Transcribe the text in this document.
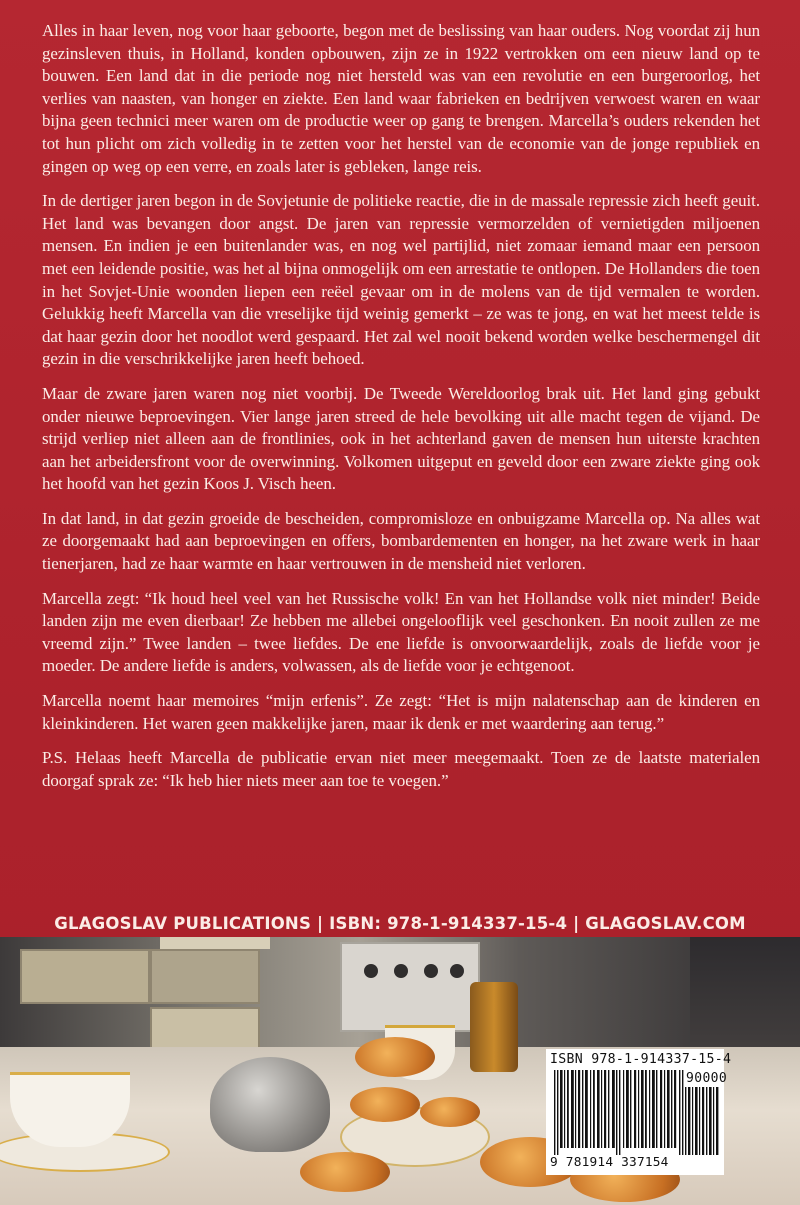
Alles in haar leven, nog voor haar geboorte, begon met de beslissing van haar ouders. Nog voordat zij hun gezinsleven thuis, in Holland, konden opbouwen, zijn ze in 1922 vertrokken om een nieuw land op te bouwen. Een land dat in die periode nog niet hersteld was van een revolutie en een burgeroorlog, het verlies van naasten, van honger en ziekte. Een land waar fabrieken en bedrijven verwoest waren en waar bijna geen technici meer waren om de productie weer op gang te brengen. Marcella’s ouders rekenden het tot hun plicht om zich volledig in te zetten voor het herstel van de economie van de jonge republiek en gingen op weg op een verre, en zoals later is gebleken, lange reis.

In de dertiger jaren begon in de Sovjetunie de politieke reactie, die in de massale repressie zich heeft geuit. Het land was bevangen door angst. De jaren van repressie vermorzelden of vernietigden miljoenen mensen. En indien je een buitenlander was, en nog wel partijlid, niet zomaar iemand maar een persoon met een leidende positie, was het al bijna onmogelijk om een arrestatie te ontlopen. De Hollanders die toen in het Sovjet-Unie woonden liepen een reëel gevaar om in de molens van de tijd vermalen te worden. Gelukkig heeft Marcella van die vreselijke tijd weinig gemerkt – ze was te jong, en wat het meest telde is dat haar gezin door het noodlot werd gespaard. Het zal wel nooit bekend worden welke beschermengel dit gezin in die verschrikkelijke jaren heeft behoed.

Maar de zware jaren waren nog niet voorbij. De Tweede Wereldoorlog brak uit. Het land ging gebukt onder nieuwe beproevingen. Vier lange jaren streed de hele bevolking uit alle macht tegen de vijand. De strijd verliep niet alleen aan de frontlinies, ook in het achterland gaven de mensen hun uiterste krachten aan het arbeidersfront voor de overwinning. Volkomen uitgeput en geveld door een zware ziekte ging ook het hoofd van het gezin Koos J. Visch heen.

In dat land, in dat gezin groeide de bescheiden, compromisloze en onbuigzame Marcella op. Na alles wat ze doorgemaakt had aan beproevingen en offers, bombardementen en honger, na het zware werk in haar tienerjaren, had ze haar warmte en haar vertrouwen in de mensheid niet verloren.

Marcella zegt: “Ik houd heel veel van het Russische volk! En van het Hollandse volk niet minder! Beide landen zijn me even dierbaar! Ze hebben me allebei ongelooflijk veel geschonken. En nooit zullen ze me vreemd zijn.” Twee landen – twee liefdes. De ene liefde is onvoorwaardelijk, zoals de liefde voor je moeder. De andere liefde is anders, volwassen, als de liefde voor je echtgenoot.

Marcella noemt haar memoires “mijn erfenis”. Ze zegt: “Het is mijn nalatenschap aan de kinderen en kleinkinderen. Het waren geen makkelijke jaren, maar ik denk er met waardering aan terug.”

P.S. Helaas heeft Marcella de publicatie ervan niet meer meegemaakt. Toen ze de laatste materialen doorgaf sprak ze: “Ik heb hier niets meer aan toe te voegen.”

GLAGOSLAV PUBLICATIONS | ISBN: 978-1-914337-15-4 | GLAGOSLAV.COM
ISBN 978-1-914337-15-4
90000
9 781914 337154
